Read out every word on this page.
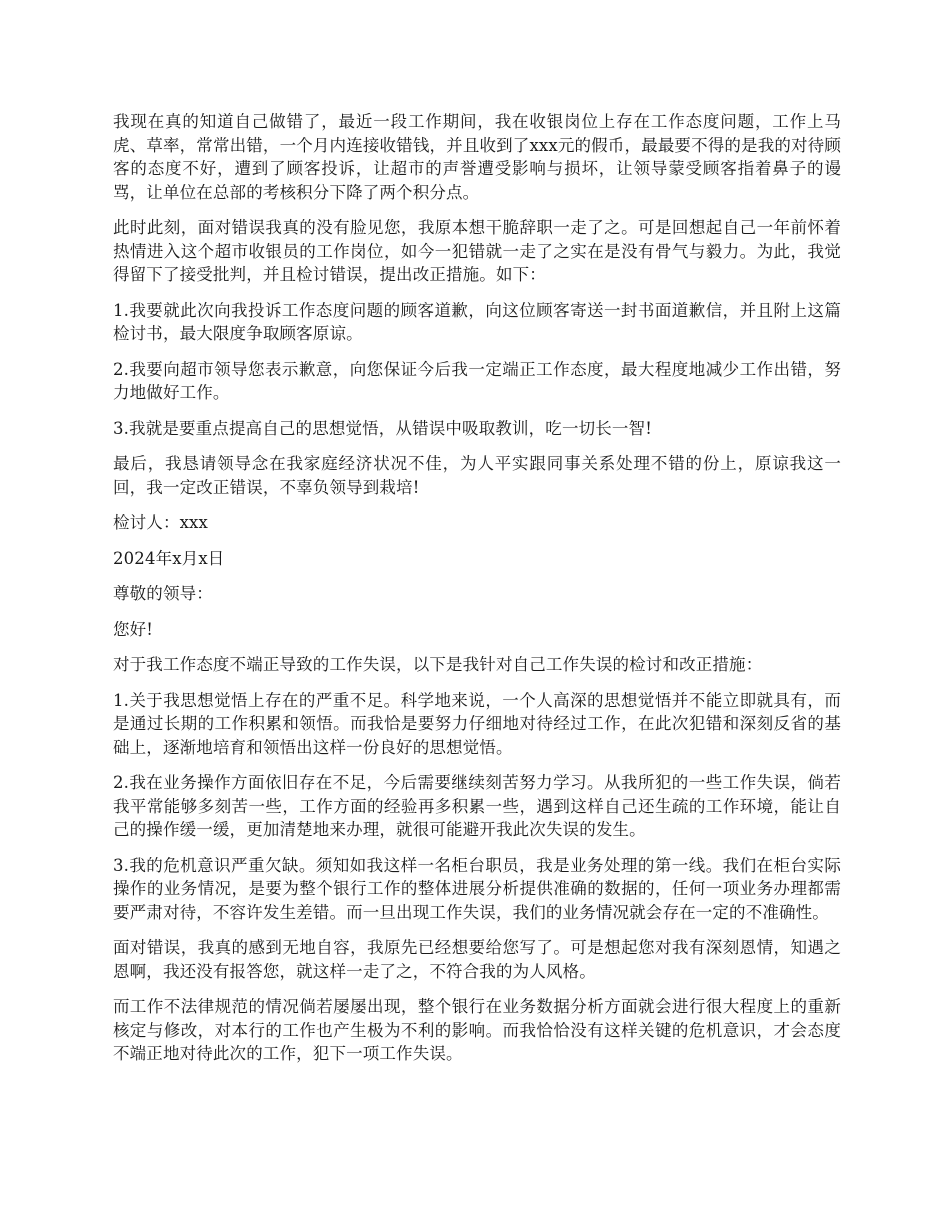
我现在真的知道自己做错了，最近一段工作期间，我在收银岗位上存在工作态度问题，工作上马虎、草率，常常出错，一个月内连接收错钱，并且收到了xxx元的假币，最最要不得的是我的对待顾客的态度不好，遭到了顾客投诉，让超市的声誉遭受影响与损坏，让领导蒙受顾客指着鼻子的谩骂，让单位在总部的考核积分下降了两个积分点。

此时此刻，面对错误我真的没有脸见您，我原本想干脆辞职一走了之。可是回想起自己一年前怀着热情进入这个超市收银员的工作岗位，如今一犯错就一走了之实在是没有骨气与毅力。为此，我觉得留下了接受批判，并且检讨错误，提出改正措施。如下：

1.我要就此次向我投诉工作态度问题的顾客道歉，向这位顾客寄送一封书面道歉信，并且附上这篇检讨书，最大限度争取顾客原谅。

2.我要向超市领导您表示歉意，向您保证今后我一定端正工作态度，最大程度地减少工作出错，努力地做好工作。

3.我就是要重点提高自己的思想觉悟，从错误中吸取教训，吃一切长一智!

最后，我恳请领导念在我家庭经济状况不佳，为人平实跟同事关系处理不错的份上，原谅我这一回，我一定改正错误，不辜负领导到栽培!

检讨人：xxx

2024年x月x日

尊敬的领导：

您好!

对于我工作态度不端正导致的工作失误，以下是我针对自己工作失误的检讨和改正措施：

1.关于我思想觉悟上存在的严重不足。科学地来说，一个人高深的思想觉悟并不能立即就具有，而是通过长期的工作积累和领悟。而我恰是要努力仔细地对待经过工作，在此次犯错和深刻反省的基础上，逐渐地培育和领悟出这样一份良好的思想觉悟。

2.我在业务操作方面依旧存在不足，今后需要继续刻苦努力学习。从我所犯的一些工作失误，倘若我平常能够多刻苦一些，工作方面的经验再多积累一些，遇到这样自己还生疏的工作环境，能让自己的操作缓一缓，更加清楚地来办理，就很可能避开我此次失误的发生。

3.我的危机意识严重欠缺。须知如我这样一名柜台职员，我是业务处理的第一线。我们在柜台实际操作的业务情况，是要为整个银行工作的整体进展分析提供准确的数据的，任何一项业务办理都需要严肃对待，不容许发生差错。而一旦出现工作失误，我们的业务情况就会存在一定的不准确性。

面对错误，我真的感到无地自容，我原先已经想要给您写了。可是想起您对我有深刻恩情，知遇之恩啊，我还没有报答您，就这样一走了之，不符合我的为人风格。

而工作不法律规范的情况倘若屡屡出现，整个银行在业务数据分析方面就会进行很大程度上的重新核定与修改，对本行的工作也产生极为不利的影响。而我恰恰没有这样关键的危机意识，才会态度不端正地对待此次的工作，犯下一项工作失误。
